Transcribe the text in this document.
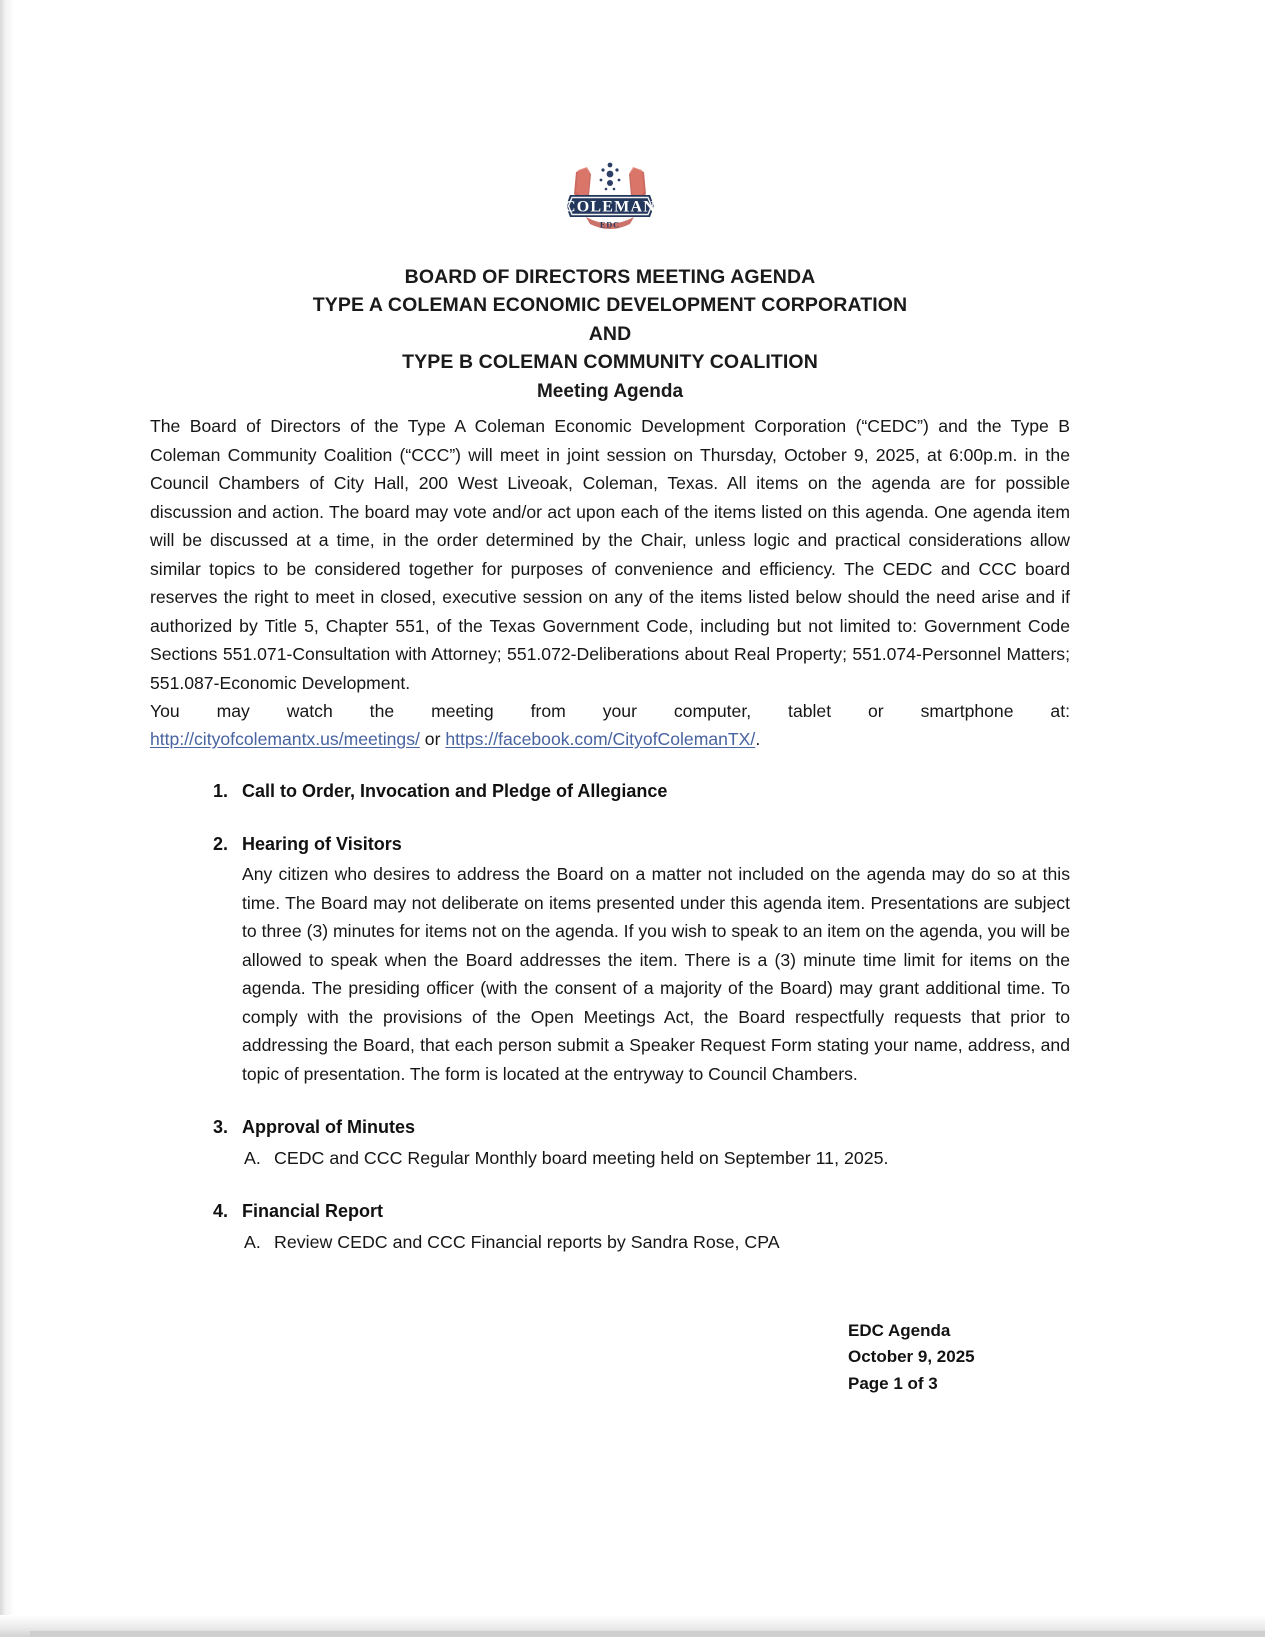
COLEMAN
EDC
BOARD OF DIRECTORS MEETING AGENDA
TYPE A COLEMAN ECONOMIC DEVELOPMENT CORPORATION
AND
TYPE B COLEMAN COMMUNITY COALITION
Meeting Agenda

The Board of Directors of the Type A Coleman Economic Development Corporation (“CEDC”) and the Type B Coleman Community Coalition (“CCC”) will meet in joint session on Thursday, October 9, 2025, at 6:00p.m. in the Council Chambers of City Hall, 200 West Liveoak, Coleman, Texas. All items on the agenda are for possible discussion and action. The board may vote and/or act upon each of the items listed on this agenda. One agenda item will be discussed at a time, in the order determined by the Chair, unless logic and practical considerations allow similar topics to be considered together for purposes of convenience and efficiency. The CEDC and CCC board reserves the right to meet in closed, executive session on any of the items listed below should the need arise and if authorized by Title 5, Chapter 551, of the Texas Government Code, including but not limited to: Government Code Sections 551.071-Consultation with Attorney; 551.072-Deliberations about Real Property; 551.074-Personnel Matters; 551.087-Economic Development.

You may watch the meeting from your computer, tablet or smartphone at:

http://cityofcolemantx.us/meetings/ or https://facebook.com/CityofColemanTX/.

1. Call to Order, Invocation and Pledge of Allegiance
2. Hearing of Visitors
Any citizen who desires to address the Board on a matter not included on the agenda may do so at this time. The Board may not deliberate on items presented under this agenda item. Presentations are subject to three (3) minutes for items not on the agenda. If you wish to speak to an item on the agenda, you will be allowed to speak when the Board addresses the item. There is a (3) minute time limit for items on the agenda. The presiding officer (with the consent of a majority of the Board) may grant additional time. To comply with the provisions of the Open Meetings Act, the Board respectfully requests that prior to addressing the Board, that each person submit a Speaker Request Form stating your name, address, and topic of presentation. The form is located at the entryway to Council Chambers.
3. Approval of Minutes
A. CEDC and CCC Regular Monthly board meeting held on September 11, 2025.
4. Financial Report
A. Review CEDC and CCC Financial reports by Sandra Rose, CPA
EDC Agenda
October 9, 2025
Page 1 of 3
